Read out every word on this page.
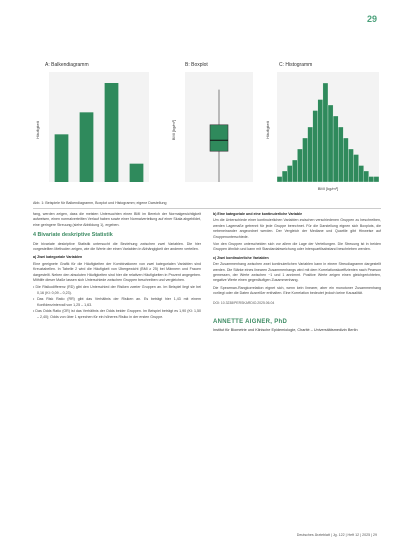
29
A: Balkendiagramm
Häufigkeit
B: Boxplot
BMI [kg/m²]
C: Histogramm
Häufigkeit
BMI [kg/m²]
Abb. 1: Beispiele für Balkendiagramm, Boxplot und Histogramm; eigene Darstellung
fang, werden zeigen, dass die meisten Untersuchten einen BMI im Bereich der Normalgewichtigkeit aufweisen, einen normalverteilten Verlauf haben sowie einer Normalverteilung auf einer Skala abgebildet, eine geringere Streuung (siehe Abbildung 1), ergeben.
4 Bivariate deskriptive Statistik
Die bivariate deskriptive Statistik untersucht die Beziehung zwischen zwei Variablen. Die hier vorgestellten Methoden zeigen, wie die Werte der einen Variablen in Abhängigkeit der anderen verteilen.
a) Zwei kategoriale Variablen
Eine geeignete Grafik für die Häufigkeiten der Kombinationen von zwei kategorialen Variablen sind Kreuztabellen. In Tabelle 2 wird die Häufigkeit von Übergewicht (BMI ≥ 25) bei Männern und Frauen dargestellt. Neben den absoluten Häufigkeiten sind hier die relativen Häufigkeiten in Prozent angegeben. Mithilfe dieser Maße lassen sich Unterschiede zwischen Gruppen beschreiben und vergleichen.
• Die Risikodifferenz (RD) gibt den Unterschied der Risiken zweier Gruppen an. Im Beispiel liegt sie bei 0,16 (KI: 0,09 – 0,23).
• Das Risk Ratio (RR) gibt das Verhältnis der Risiken an. Es beträgt hier 1,43 mit einem Konfidenzintervall von 1,25 – 1,63.
• Das Odds Ratio (OR) ist das Verhältnis der Odds beider Gruppen. Im Beispiel beträgt es 1,90 (KI: 1,50 – 2,40); Odds von über 1 sprechen für ein höheres Risiko in der ersten Gruppe.
b) Eine kategoriale und eine kontinuierliche Variable
Um die Unterschiede einer kontinuierlichen Variablen zwischen verschiedenen Gruppen zu beschreiben, werden Lagemaße getrennt für jede Gruppe berechnet. Für die Darstellung eignen sich Boxplots, die nebeneinander angeordnet werden. Der Vergleich der Mediane und Quartile gibt Hinweise auf Gruppenunterschiede.
Von den Gruppen unterscheiden sich vor allem die Lage der Verteilungen. Die Streuung ist in beiden Gruppen ähnlich und kann mit Standardabweichung oder Interquartilsabstand beschrieben werden.
c) Zwei kontinuierliche Variablen
Der Zusammenhang zwischen zwei kontinuierlichen Variablen kann in einem Streudiagramm dargestellt werden. Die Stärke eines linearen Zusammenhangs wird mit dem Korrelationskoeffizienten nach Pearson gemessen, der Werte zwischen −1 und 1 annimmt. Positive Werte zeigen einen gleichgerichteten, negative Werte einen gegenläufigen Zusammenhang.
Die Spearman-Rangkorrelation eignet sich, wenn kein linearer, aber ein monotoner Zusammenhang vorliegt oder die Daten Ausreißer enthalten. Eine Korrelation bedeutet jedoch keine Kausalität.
DOI: 10.3238/PERSKARDIO.2025.06.04
ANNETTE AIGNER, PhD
Institut für Biometrie und Klinische Epidemiologie, Charité – Universitätsmedizin Berlin
Deutsches Ärzteblatt | Jg. 122 | Heft 12 | 2025 | 29
